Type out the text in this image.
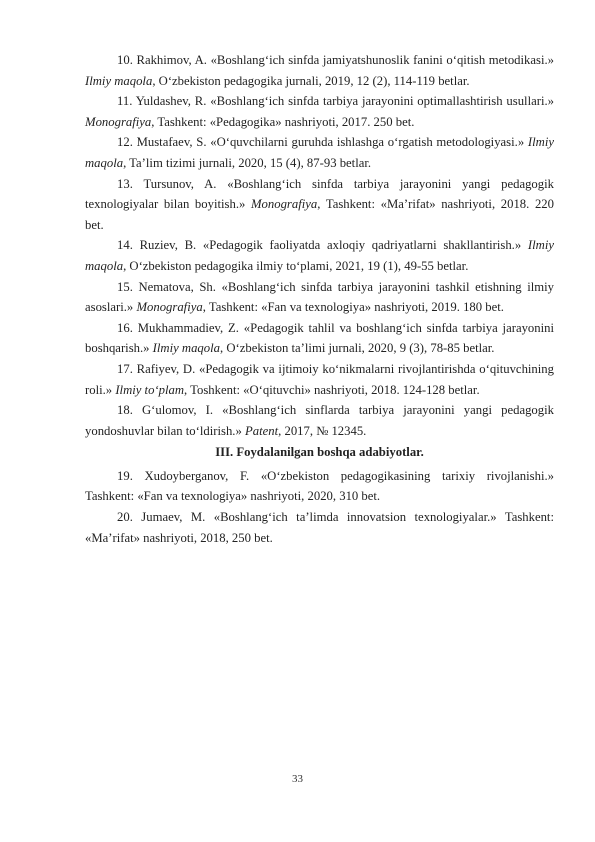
10. Rakhimov, A. «Boshlang‘ich sinfda jamiyatshunoslik fanini o‘qitish metodikasi.» Ilmiy maqola, O‘zbekiston pedagogika jurnali, 2019, 12 (2), 114-119 betlar.

11. Yuldashev, R. «Boshlang‘ich sinfda tarbiya jarayonini optimallashtirish usullari.» Monografiya, Tashkent: «Pedagogika» nashriyoti, 2017. 250 bet.

12. Mustafaev, S. «O‘quvchilarni guruhda ishlashga o‘rgatish metodologiyasi.» Ilmiy maqola, Ta’lim tizimi jurnali, 2020, 15 (4), 87-93 betlar.

13. Tursunov, A. «Boshlang‘ich sinfda tarbiya jarayonini yangi pedagogik texnologiyalar bilan boyitish.» Monografiya, Tashkent: «Ma’rifat» nashriyoti, 2018. 220 bet.

14. Ruziev, B. «Pedagogik faoliyatda axloqiy qadriyatlarni shakllantirish.» Ilmiy maqola, O‘zbekiston pedagogika ilmiy to‘plami, 2021, 19 (1), 49-55 betlar.

15. Nematova, Sh. «Boshlang‘ich sinfda tarbiya jarayonini tashkil etishning ilmiy asoslari.» Monografiya, Tashkent: «Fan va texnologiya» nashriyoti, 2019. 180 bet.

16. Mukhammadiev, Z. «Pedagogik tahlil va boshlang‘ich sinfda tarbiya jarayonini boshqarish.» Ilmiy maqola, O‘zbekiston ta’limi jurnali, 2020, 9 (3), 78-85 betlar.

17. Rafiyev, D. «Pedagogik va ijtimoiy ko‘nikmalarni rivojlantirishda o‘qituvchining roli.» Ilmiy to‘plam, Toshkent: «O‘qituvchi» nashriyoti, 2018. 124-128 betlar.

18. G‘ulomov, I. «Boshlang‘ich sinflarda tarbiya jarayonini yangi pedagogik yondoshuvlar bilan to‘ldirish.» Patent, 2017, № 12345.

III. Foydalanilgan boshqa adabiyotlar.

19. Xudoyberganov, F. «O‘zbekiston pedagogikasining tarixiy rivojlanishi.» Tashkent: «Fan va texnologiya» nashriyoti, 2020, 310 bet.

20. Jumaev, M. «Boshlang‘ich ta’limda innovatsion texnologiyalar.» Tashkent: «Ma’rifat» nashriyoti, 2018, 250 bet.

33
